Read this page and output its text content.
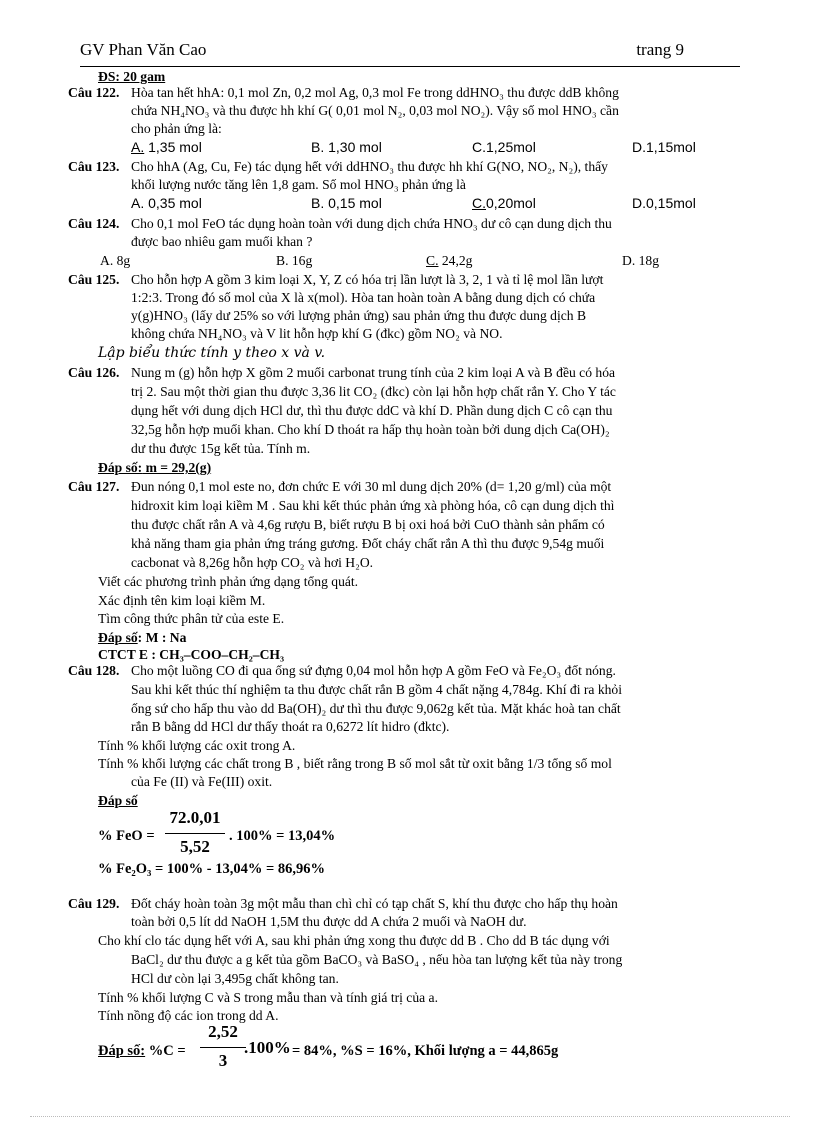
GV Phan Văn Cao	trang 9
ĐS: 20 gam
Câu 122. Hòa tan hết hhA: 0,1 mol Zn, 0,2 mol Ag, 0,3 mol Fe trong ddHNO₃ thu được ddB không
chứa NH₄NO₃ và thu được hh khí G( 0,01 mol N₂, 0,03 mol NO₂). Vậy số mol HNO₃ cần
cho phản ứng là:
A. 1,35 mol	B. 1,30 mol	C.1,25mol	D.1,15mol
Câu 123. Cho hhA (Ag, Cu, Fe) tác dụng hết với ddHNO₃ thu được hh khí G(NO, NO₂, N₂), thấy
khối lượng nước tăng lên 1,8 gam. Số mol HNO₃ phản ứng là
A. 0,35 mol	B. 0,15 mol	C.0,20mol	D.0,15mol
Câu 124. Cho 0,1 mol FeO tác dụng hoàn toàn với dung dịch chứa HNO₃ dư cô cạn dung dịch thu
được bao nhiêu gam muối khan ?
A. 8g	B. 16g	C. 24,2g	D. 18g
Câu 125. Cho hỗn hợp A gồm 3 kim loại X, Y, Z có hóa trị lần lượt là 3, 2, 1 và tỉ lệ mol lần lượt
1:2:3. Trong đó số mol của X là x(mol). Hòa tan hoàn toàn A bằng dung dịch có chứa
y(g)HNO₃ (lấy dư 25% so với lượng phản ứng) sau phản ứng thu được dung dịch B
không chứa NH₄NO₃ và V lit hỗn hợp khí G (đkc) gồm NO₂ và NO.
Lập biểu thức tính y theo x và v.
Câu 126. Nung m (g) hỗn hợp X gồm 2 muối carbonat trung tính của 2 kim loại A và B đều có hóa
trị 2. Sau một thời gian thu được 3,36 lit CO₂ (đkc) còn lại hỗn hợp chất rắn Y. Cho Y tác
dụng hết với dung dịch HCl dư, thì thu được ddC và khí D. Phần dung dịch C cô cạn thu
32,5g hỗn hợp muối khan. Cho khí D thoát ra hấp thụ hoàn toàn bởi dung dịch Ca(OH)₂
dư thu được 15g kết tủa. Tính m.
Đáp số: m = 29,2(g)
Câu 127. Đun nóng 0,1 mol este no, đơn chức E với 30 ml dung dịch 20% (d= 1,20 g/ml) của một
hidroxit kim loại kiềm M . Sau khi kết thúc phản ứng xà phòng hóa, cô cạn dung dịch thì
thu được chất rắn A và 4,6g rượu B, biết rượu B bị oxi hoá bởi CuO thành sản phẩm có
khả năng tham gia phản ứng tráng gương. Đốt cháy chất rắn A thì thu được 9,54g muối
cacbonat và 8,26g hỗn hợp CO₂ và hơi H₂O.
Viết các phương trình phản ứng dạng tổng quát.
Xác định tên kim loại kiềm M.
Tìm công thức phân tử của este E.
Đáp số: M : Na
CTCT E : CH₃–COO–CH₂–CH₃
Câu 128. Cho một luồng CO đi qua ống sứ đựng 0,04 mol hỗn hợp A gồm FeO và Fe₂O₃ đốt nóng.
Sau khi kết thúc thí nghiệm ta thu được chất rắn B gồm 4 chất nặng 4,784g. Khí đi ra khỏi
ống sứ cho hấp thu vào dd Ba(OH)₂ dư thì thu được 9,062g kết tủa. Mặt khác hoà tan chất
rắn B bằng dd HCl dư thấy thoát ra 0,6272 lít hidro (đktc).
Tính % khối lượng các oxit trong A.
Tính % khối lượng các chất trong B , biết rằng trong B số mol sắt từ oxit bằng 1/3 tổng số mol
của Fe (II) và Fe(III) oxit.
Đáp số
% FeO =
72.0,01
5,52
. 100% = 13,04%
% Fe₂O₃ = 100% - 13,04% = 86,96%
Câu 129. Đốt cháy hoàn toàn 3g một mẫu than chì chỉ có tạp chất S, khí thu được cho hấp thụ hoàn
toàn bởi 0,5 lít dd NaOH 1,5M thu được dd A chứa 2 muối và NaOH dư.
Cho khí clo tác dụng hết với A, sau khi phản ứng xong thu được dd B . Cho dd B tác dụng với
BaCl₂ dư thu được a g kết tủa gồm BaCO₃ và BaSO₄ , nếu hòa tan lượng kết tủa này trong
HCl dư còn lại 3,495g chất không tan.
Tính % khối lượng C và S trong mẫu than và tính giá trị của a.
Tính nồng độ các ion trong dd A.
Đáp số: %C =
2,52
3
.100% = 84%, %S = 16%, Khối lượng a = 44,865g
